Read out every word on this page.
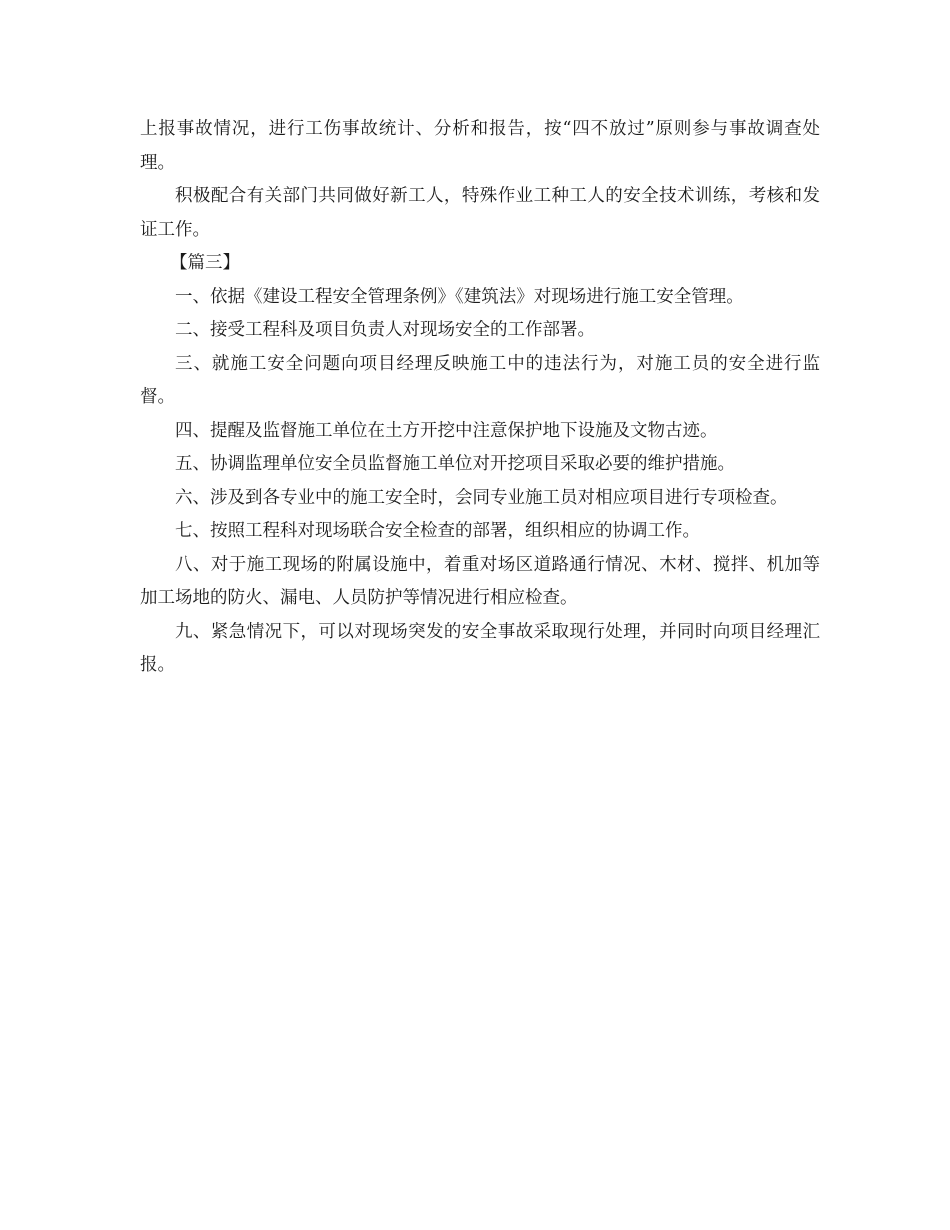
上报事故情况，进行工伤事故统计、分析和报告，按“四不放过”原则参与事故调查处理。

积极配合有关部门共同做好新工人，特殊作业工种工人的安全技术训练，考核和发证工作。

【篇三】

一、依据《建设工程安全管理条例》《建筑法》对现场进行施工安全管理。

二、接受工程科及项目负责人对现场安全的工作部署。

三、就施工安全问题向项目经理反映施工中的违法行为，对施工员的安全进行监督。

四、提醒及监督施工单位在土方开挖中注意保护地下设施及文物古迹。

五、协调监理单位安全员监督施工单位对开挖项目采取必要的维护措施。

六、涉及到各专业中的施工安全时，会同专业施工员对相应项目进行专项检查。

七、按照工程科对现场联合安全检查的部署，组织相应的协调工作。

八、对于施工现场的附属设施中，着重对场区道路通行情况、木材、搅拌、机加等加工场地的防火、漏电、人员防护等情况进行相应检查。

九、紧急情况下，可以对现场突发的安全事故采取现行处理，并同时向项目经理汇报。
